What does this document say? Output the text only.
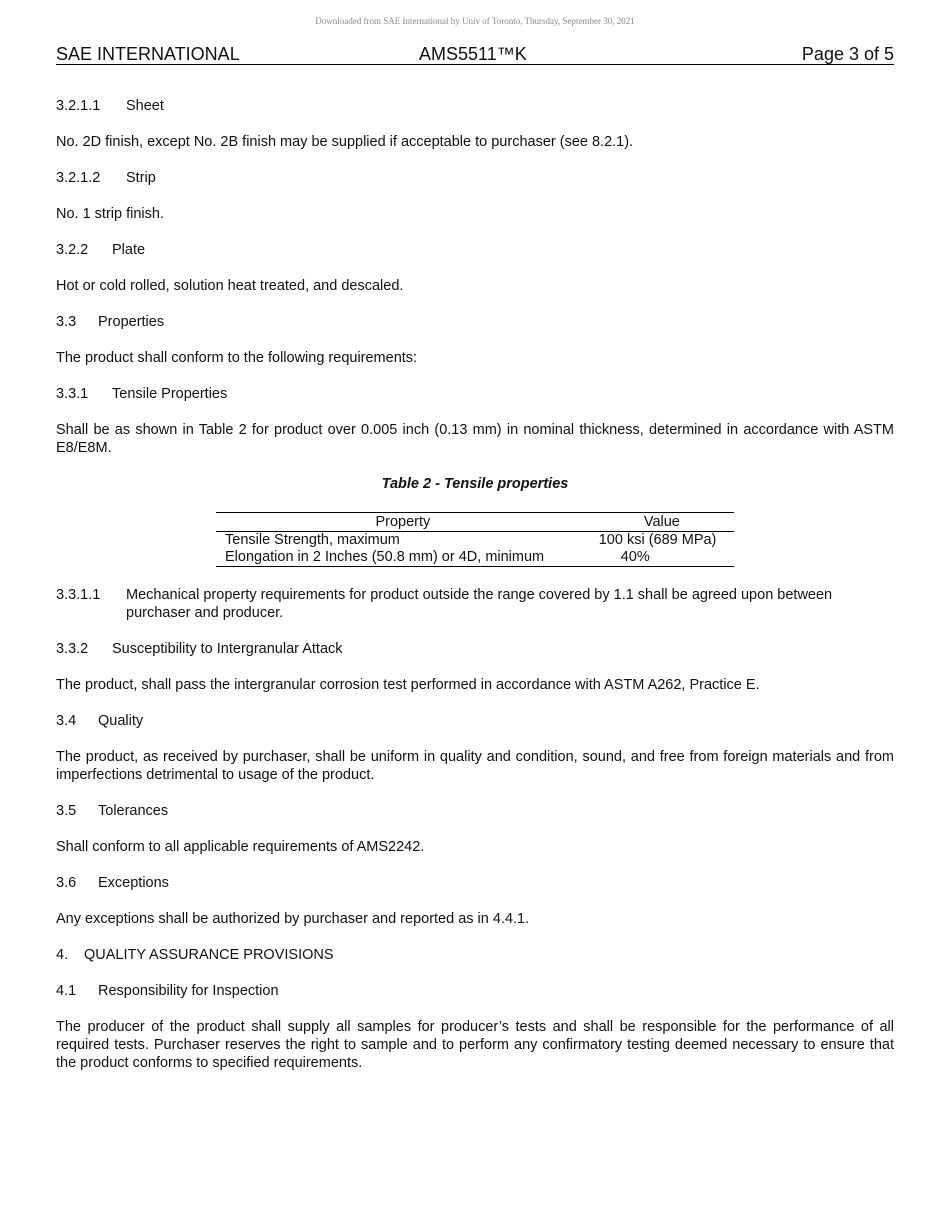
Downloaded from SAE International by Univ of Toronto, Thursday, September 30, 2021
SAE INTERNATIONAL	AMS5511™K	Page 3 of 5
3.2.1.1	Sheet
No. 2D finish, except No. 2B finish may be supplied if acceptable to purchaser (see 8.2.1).
3.2.1.2	Strip
No. 1 strip finish.
3.2.2	Plate
Hot or cold rolled, solution heat treated, and descaled.
3.3	Properties
The product shall conform to the following requirements:
3.3.1	Tensile Properties
Shall be as shown in Table 2 for product over 0.005 inch (0.13 mm) in nominal thickness, determined in accordance with ASTM E8/E8M.
Table 2 - Tensile properties
Property	Value
Tensile Strength, maximum	100 ksi (689 MPa)
Elongation in 2 Inches (50.8 mm) or 4D, minimum	40%
3.3.1.1	Mechanical property requirements for product outside the range covered by 1.1 shall be agreed upon between purchaser and producer.
3.3.2	Susceptibility to Intergranular Attack
The product, shall pass the intergranular corrosion test performed in accordance with ASTM A262, Practice E.
3.4	Quality
The product, as received by purchaser, shall be uniform in quality and condition, sound, and free from foreign materials and from imperfections detrimental to usage of the product.
3.5	Tolerances
Shall conform to all applicable requirements of AMS2242.
3.6	Exceptions
Any exceptions shall be authorized by purchaser and reported as in 4.4.1.
4.	QUALITY ASSURANCE PROVISIONS
4.1	Responsibility for Inspection
The producer of the product shall supply all samples for producer’s tests and shall be responsible for the performance of all required tests. Purchaser reserves the right to sample and to perform any confirmatory testing deemed necessary to ensure that the product conforms to specified requirements.
